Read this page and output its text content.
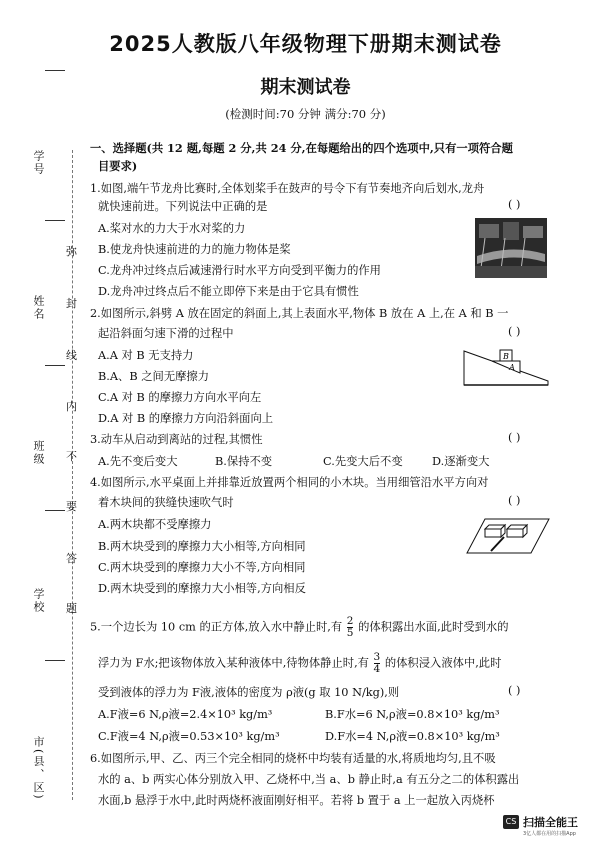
2025人教版八年级物理下册期末测试卷
期末测试卷
(检测时间:70 分钟 满分:70 分)
学号
姓名
班级
学校
市(县、区)
弥
封
线
内
不
要
答
题
一、选择题(共 12 题,每题 2 分,共 24 分,在每题给出的四个选项中,只有一项符合题
目要求)
1.如图,端午节龙舟比赛时,全体划桨手在鼓声的号令下有节奏地齐向后划水,龙舟
就快速前进。下列说法中正确的是	( )
A.桨对水的力大于水对桨的力
B.使龙舟快速前进的力的施力物体是桨
C.龙舟冲过终点后减速滑行时水平方向受到平衡力的作用
D.龙舟冲过终点后不能立即停下来是由于它具有惯性
2.如图所示,斜劈 A 放在固定的斜面上,其上表面水平,物体 B 放在 A 上,在 A 和 B 一
起沿斜面匀速下滑的过程中	( )
A.A 对 B 无支持力
B.A、B 之间无摩擦力
C.A 对 B 的摩擦力方向水平向左
D.A 对 B 的摩擦力方向沿斜面向上
B
A
3.动车从启动到离站的过程,其惯性	( )
A.先不变后变大	B.保持不变	C.先变大后不变	D.逐渐变大
4.如图所示,水平桌面上并排靠近放置两个相同的小木块。当用细管沿水平方向对
着木块间的狭缝快速吹气时	( )
A.两木块都不受摩擦力
B.两木块受到的摩擦力大小相等,方向相同
C.两木块受到的摩擦力大小不等,方向相同
D.两木块受到的摩擦力大小相等,方向相反
5.一个边长为 10 cm 的正方体,放入水中静止时,有 $\frac{2}{5}$ 的体积露出水面,此时受到水的
浮力为 F水;把该物体放入某种液体中,待物体静止时,有 $\frac{3}{4}$ 的体积浸入液体中,此时
受到液体的浮力为 F液,液体的密度为 ρ液(g 取 10 N/kg),则	( )
A.F液=6 N,ρ液=2.4×10³ kg/m³	B.F水=6 N,ρ液=0.8×10³ kg/m³
C.F液=4 N,ρ液=0.53×10³ kg/m³	D.F水=4 N,ρ液=0.8×10³ kg/m³
6.如图所示,甲、乙、丙三个完全相同的烧杯中均装有适量的水,将质地均匀,且不吸
水的 a、b 两实心体分别放入甲、乙烧杯中,当 a、b 静止时,a 有五分之二的体积露出
水面,b 悬浮于水中,此时两烧杯液面刚好相平。若将 b 置于 a 上一起放入丙烧杯
CS 扫描全能王
3亿人都在用的扫描App
